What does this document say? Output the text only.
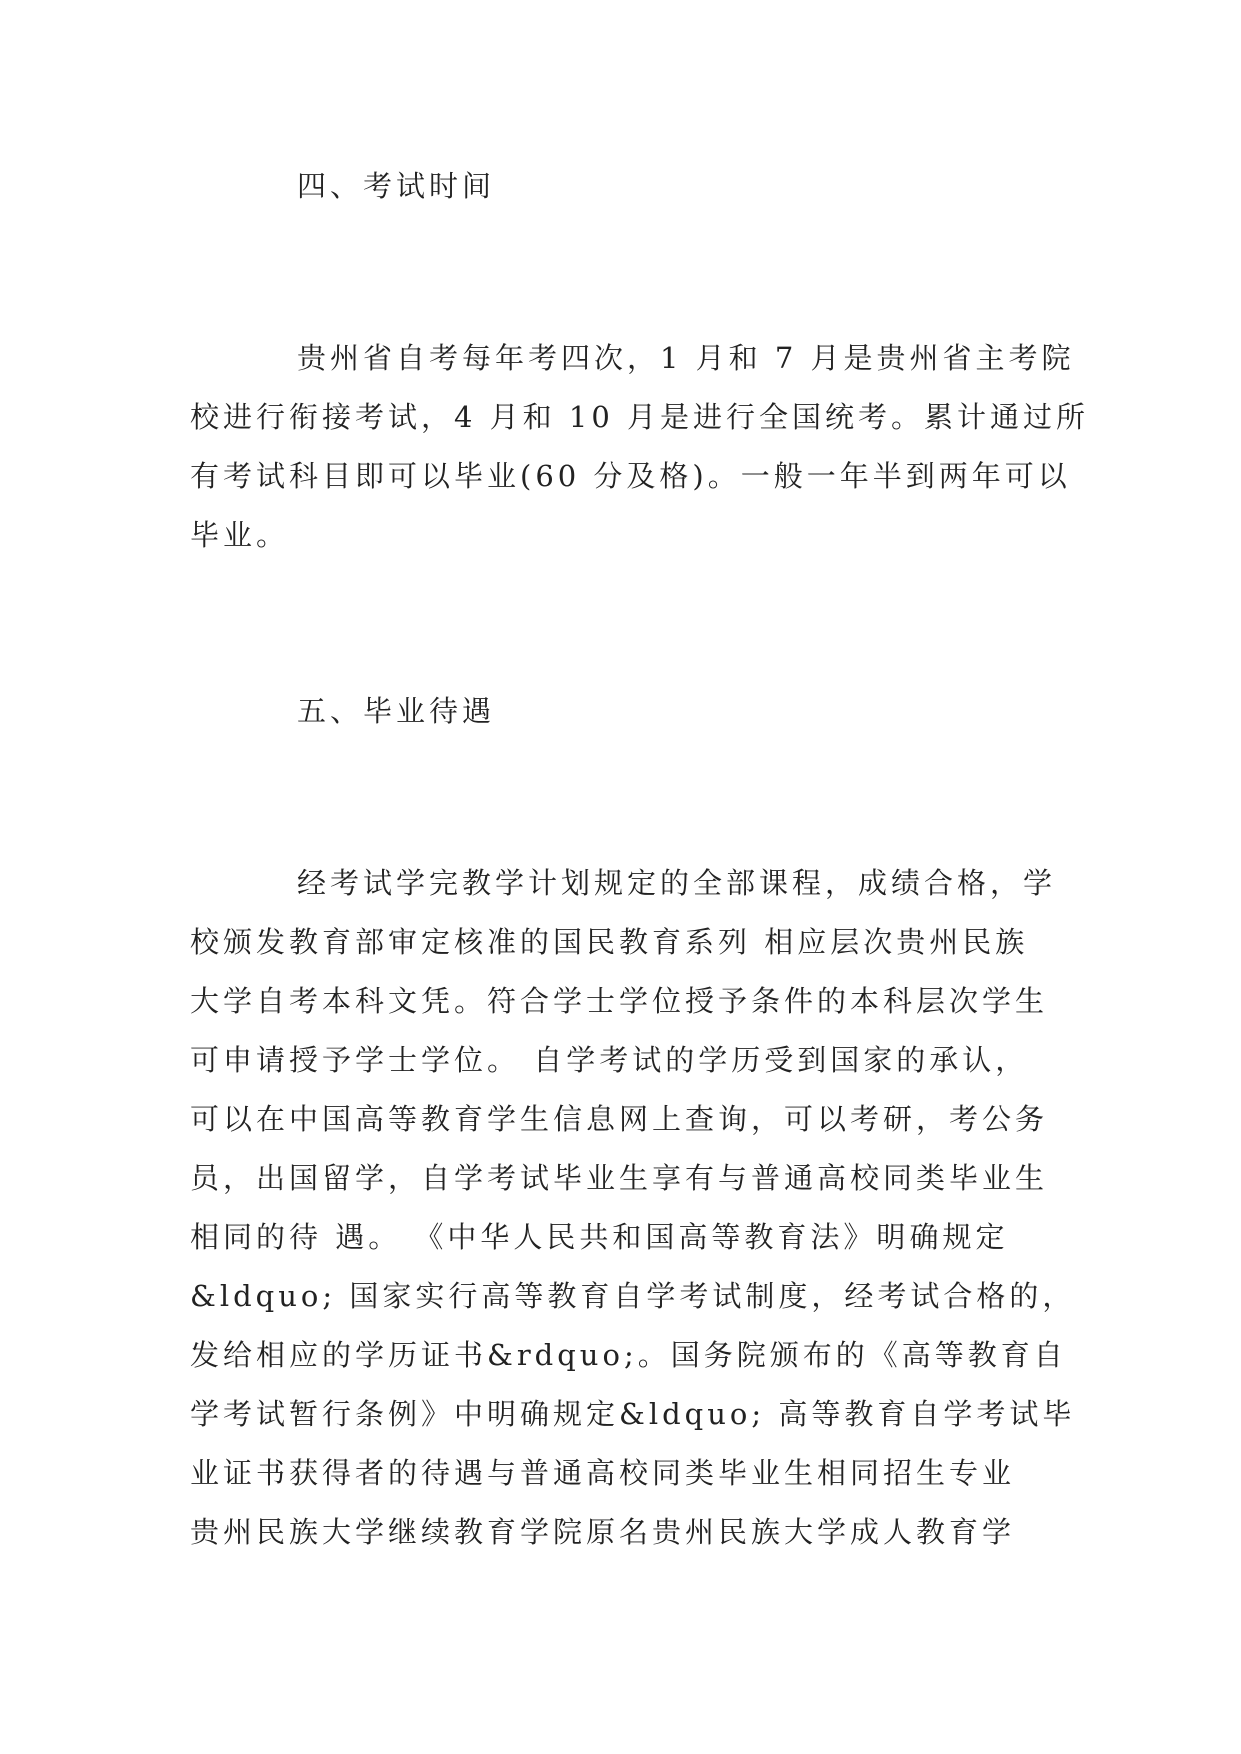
四、考试时间
贵州省自考每年考四次，1 月和 7 月是贵州省主考院
校进行衔接考试，4 月和 10 月是进行全国统考。累计通过所
有考试科目即可以毕业(60 分及格)。一般一年半到两年可以
毕业。
五、毕业待遇
经考试学完教学计划规定的全部课程，成绩合格，学
校颁发教育部审定核准的国民教育系列 相应层次贵州民族
大学自考本科文凭。符合学士学位授予条件的本科层次学生
可申请授予学士学位。 自学考试的学历受到国家的承认，
可以在中国高等教育学生信息网上查询，可以考研，考公务
员，出国留学，自学考试毕业生享有与普通高校同类毕业生
相同的待 遇。 《中华人民共和国高等教育法》明确规定
&ldquo; 国家实行高等教育自学考试制度，经考试合格的，
发给相应的学历证书&rdquo;。国务院颁布的《高等教育自
学考试暂行条例》中明确规定&ldquo; 高等教育自学考试毕
业证书获得者的待遇与普通高校同类毕业生相同招生专业
贵州民族大学继续教育学院原名贵州民族大学成人教育学
